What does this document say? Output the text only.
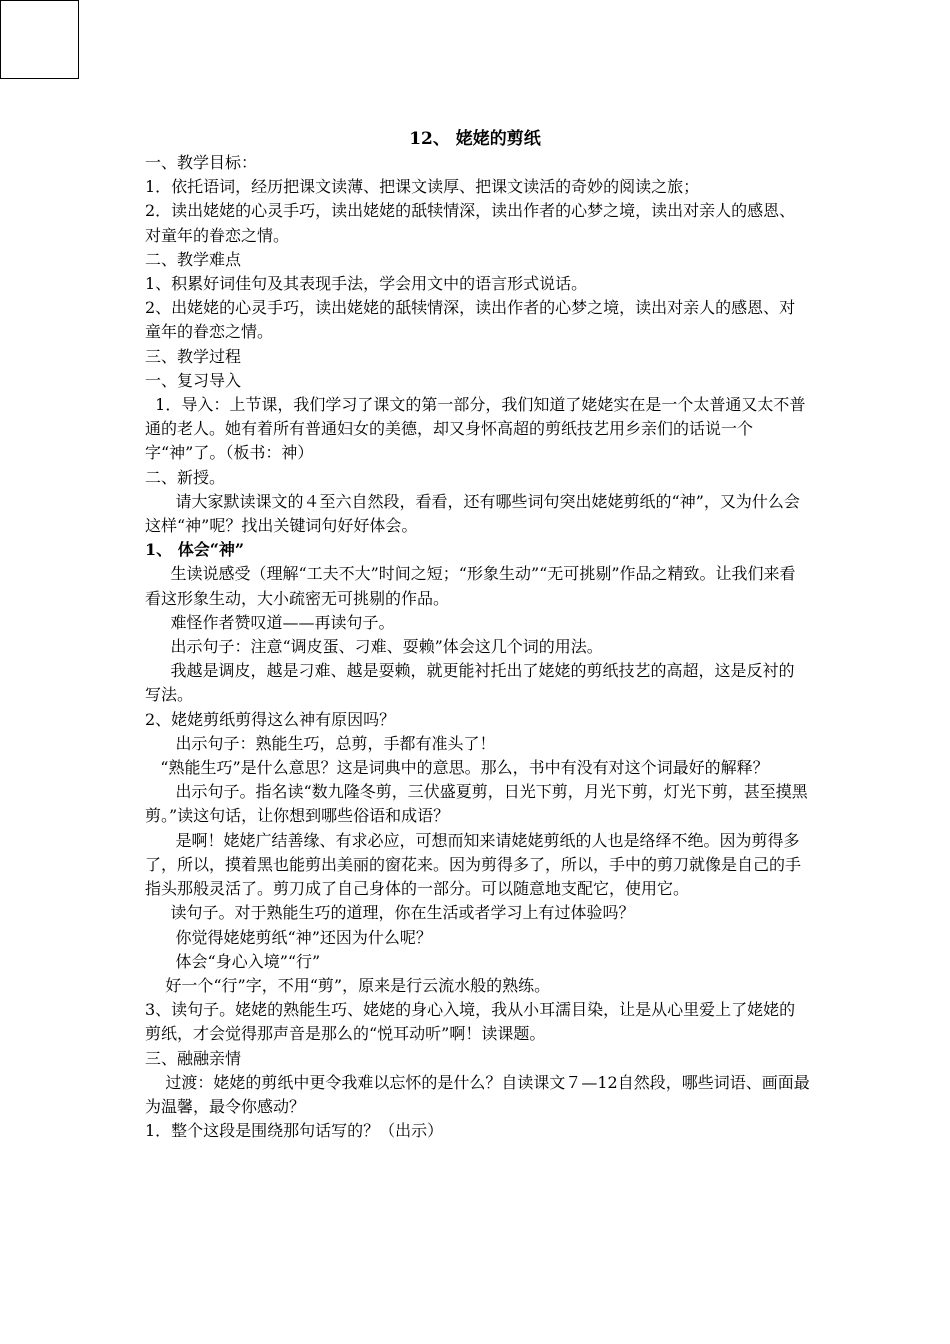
12、 姥姥的剪纸

一、教学目标：

1．依托语词，经历把课文读薄、把课文读厚、把课文读活的奇妙的阅读之旅；

2．读出姥姥的心灵手巧，读出姥姥的舐犊情深，读出作者的心梦之境，读出对亲人的感恩、对童年的眷恋之情。

二、教学难点

1、积累好词佳句及其表现手法，学会用文中的语言形式说话。

2、出姥姥的心灵手巧，读出姥姥的舐犊情深，读出作者的心梦之境，读出对亲人的感恩、对童年的眷恋之情。

三、教学过程

一、复习导入

1．导入：上节课，我们学习了课文的第一部分，我们知道了姥姥实在是一个太普通又太不普通的老人。她有着所有普通妇女的美德，却又身怀高超的剪纸技艺用乡亲们的话说一个字“神”了。（板书：神）

二、新授。

请大家默读课文的４至六自然段，看看，还有哪些词句突出姥姥剪纸的“神”，又为什么会这样“神”呢？找出关键词句好好体会。

1、 体会“神”

生读说感受（理解“工夫不大”时间之短；“形象生动”“无可挑剔”作品之精致。让我们来看看这形象生动，大小疏密无可挑剔的作品。

难怪作者赞叹道——再读句子。

出示句子：注意“调皮蛋、刁难、耍赖”体会这几个词的用法。

我越是调皮，越是刁难、越是耍赖，就更能衬托出了姥姥的剪纸技艺的高超，这是反衬的写法。

2、姥姥剪纸剪得这么神有原因吗？

出示句子：熟能生巧，总剪，手都有准头了！

“熟能生巧”是什么意思？这是词典中的意思。那么，书中有没有对这个词最好的解释？

出示句子。指名读“数九隆冬剪，三伏盛夏剪，日光下剪，月光下剪，灯光下剪，甚至摸黑剪。”读这句话，让你想到哪些俗语和成语？

是啊！姥姥广结善缘、有求必应，可想而知来请姥姥剪纸的人也是络绎不绝。因为剪得多了，所以，摸着黑也能剪出美丽的窗花来。因为剪得多了，所以，手中的剪刀就像是自己的手指头那般灵活了。剪刀成了自己身体的一部分。可以随意地支配它，使用它。

读句子。对于熟能生巧的道理，你在生活或者学习上有过体验吗？

你觉得姥姥剪纸“神”还因为什么呢？

体会“身心入境”“行”

好一个“行”字，不用“剪”，原来是行云流水般的熟练。

3、读句子。姥姥的熟能生巧、姥姥的身心入境，我从小耳濡目染，让是从心里爱上了姥姥的剪纸，才会觉得那声音是那么的“悦耳动听”啊！读课题。

三、融融亲情

过渡：姥姥的剪纸中更令我难以忘怀的是什么？自读课文７—12自然段，哪些词语、画面最为温馨，最令你感动？

1．整个这段是围绕那句话写的？（出示）
